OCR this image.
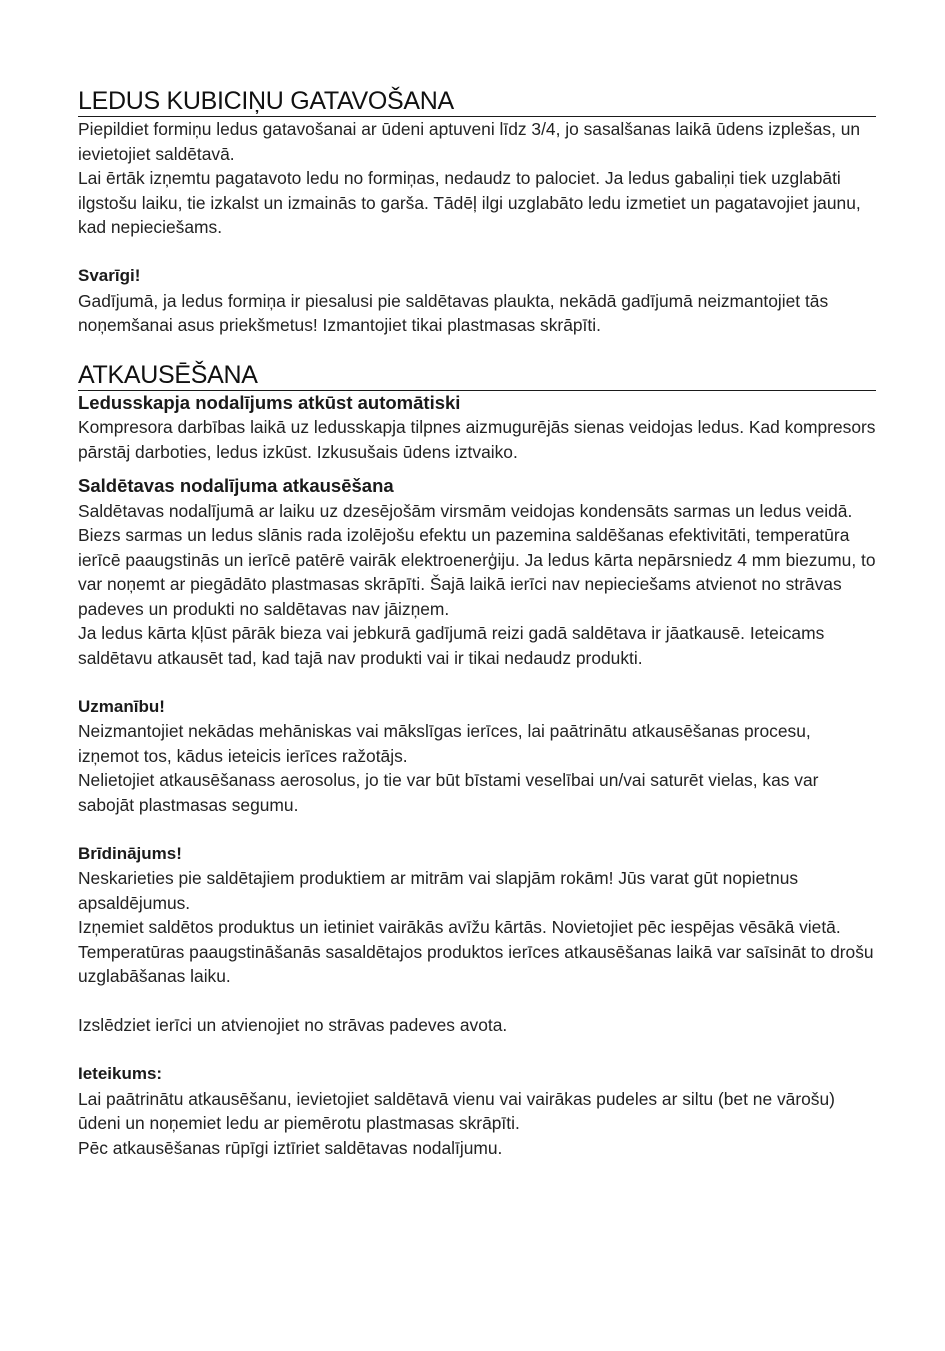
LEDUS KUBICIŅU GATAVOŠANA

Piepildiet formiņu ledus gatavošanai ar ūdeni aptuveni līdz 3/4, jo sasalšanas laikā ūdens izplešas, un ievietojiet saldētavā.

Lai ērtāk izņemtu pagatavoto ledu no formiņas, nedaudz to palociet. Ja ledus gabaliņi tiek uzglabāti ilgstošu laiku, tie izkalst un izmainās to garša. Tādēļ ilgi uzglabāto ledu izmetiet un pagatavojiet jaunu, kad nepieciešams.

Svarīgi!

Gadījumā, ja ledus formiņa ir piesalusi pie saldētavas plaukta, nekādā gadījumā neizmantojiet tās noņemšanai asus priekšmetus! Izmantojiet tikai plastmasas skrāpīti.

ATKAUSĒŠANA
Ledusskapja nodalījums atkūst automātiski

Kompresora darbības laikā uz ledusskapja tilpnes aizmugurējās sienas veidojas ledus. Kad kompresors pārstāj darboties, ledus izkūst. Izkusušais ūdens iztvaiko.

Saldētavas nodalījuma atkausēšana

Saldētavas nodalījumā ar laiku uz dzesējošām virsmām veidojas kondensāts sarmas un ledus veidā. Biezs sarmas un ledus slānis rada izolējošu efektu un pazemina saldēšanas efektivitāti, temperatūra ierīcē paaugstinās un ierīcē patērē vairāk elektroenerģiju. Ja ledus kārta nepārsniedz 4 mm biezumu, to var noņemt ar piegādāto plastmasas skrāpīti. Šajā laikā ierīci nav nepieciešams atvienot no strāvas padeves un produkti no saldētavas nav jāizņem.

Ja ledus kārta kļūst pārāk bieza vai jebkurā gadījumā reizi gadā saldētava ir jāatkausē. Ieteicams saldētavu atkausēt tad, kad tajā nav produkti vai ir tikai nedaudz produkti.

Uzmanību!

Neizmantojiet nekādas mehāniskas vai mākslīgas ierīces, lai paātrinātu atkausēšanas procesu, izņemot tos, kādus ieteicis ierīces ražotājs.

Nelietojiet atkausēšanass aerosolus, jo tie var būt bīstami veselībai un/vai saturēt vielas, kas var sabojāt plastmasas segumu.

Brīdinājums!

Neskarieties pie saldētajiem produktiem ar mitrām vai slapjām rokām! Jūs varat gūt nopietnus apsaldējumus.

Izņemiet saldētos produktus un ietiniet vairākās avīžu kārtās. Novietojiet pēc iespējas vēsākā vietā. Temperatūras paaugstināšanās sasaldētajos produktos ierīces atkausēšanas laikā var saīsināt to drošu uzglabāšanas laiku.

Izslēdziet ierīci un atvienojiet no strāvas padeves avota.

Ieteikums:

Lai paātrinātu atkausēšanu, ievietojiet saldētavā vienu vai vairākas pudeles ar siltu (bet ne vārošu) ūdeni un noņemiet ledu ar piemērotu plastmasas skrāpīti.

Pēc atkausēšanas rūpīgi iztīriet saldētavas nodalījumu.
